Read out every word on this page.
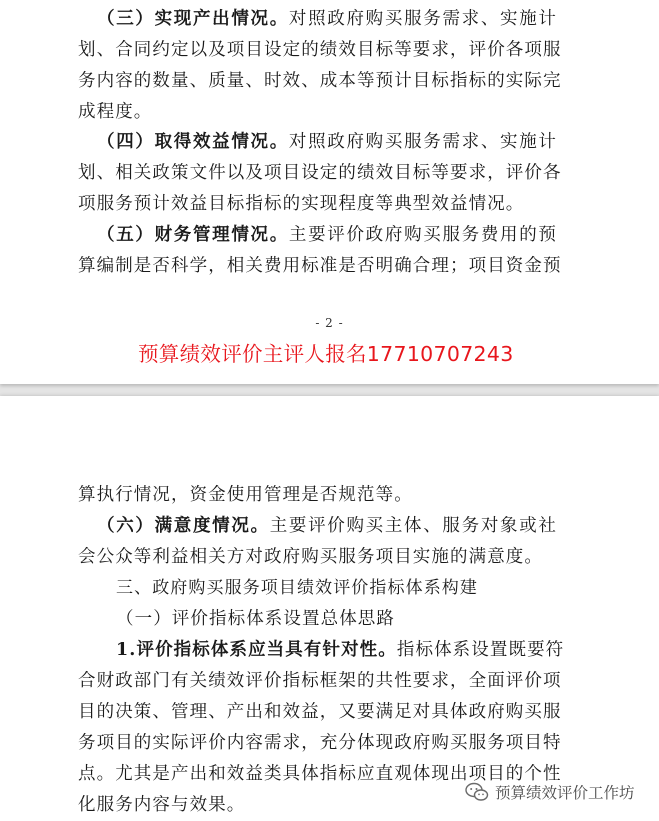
（三）实现产出情况。对照政府购买服务需求、实施计
划、合同约定以及项目设定的绩效目标等要求，评价各项服
务内容的数量、质量、时效、成本等预计目标指标的实际完
成程度。
（四）取得效益情况。对照政府购买服务需求、实施计
划、相关政策文件以及项目设定的绩效目标等要求，评价各
项服务预计效益目标指标的实现程度等典型效益情况。
（五）财务管理情况。主要评价政府购买服务费用的预
算编制是否科学，相关费用标准是否明确合理；项目资金预
- 2 -
预算绩效评价主评人报名17710707243
算执行情况，资金使用管理是否规范等。
（六）满意度情况。主要评价购买主体、服务对象或社
会公众等利益相关方对政府购买服务项目实施的满意度。
三、政府购买服务项目绩效评价指标体系构建
（一）评价指标体系设置总体思路
1.评价指标体系应当具有针对性。指标体系设置既要符
合财政部门有关绩效评价指标框架的共性要求，全面评价项
目的决策、管理、产出和效益，又要满足对具体政府购买服
务项目的实际评价内容需求，充分体现政府购买服务项目特
点。尤其是产出和效益类具体指标应直观体现出项目的个性
化服务内容与效果。
预算绩效评价工作坊
